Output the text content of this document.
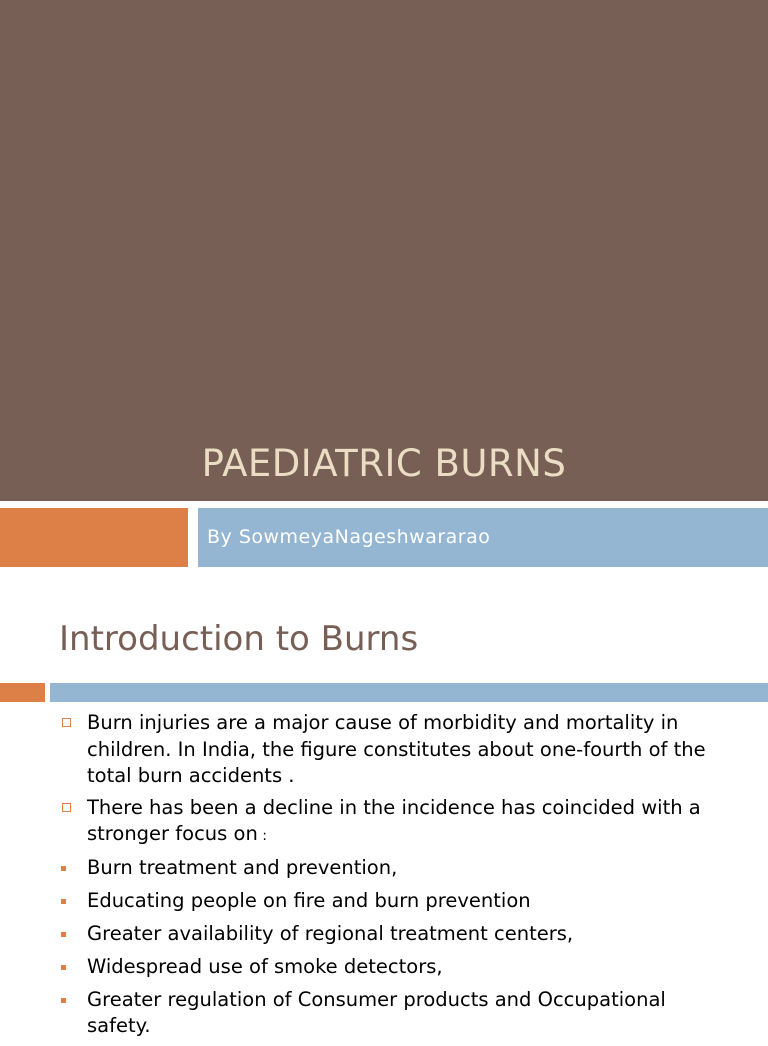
PAEDIATRIC BURNS
By SowmeyaNageshwararao
Introduction to Burns
Burn injuries are a major cause of morbidity and mortality in children. In India, the figure constitutes about one-fourth of the total burn accidents .
There has been a decline in the incidence has coincided with a stronger focus on :
Burn treatment and prevention,
Educating people on fire and burn prevention
Greater availability of regional treatment centers,
Widespread use of smoke detectors,
Greater regulation of Consumer products and Occupational safety.
